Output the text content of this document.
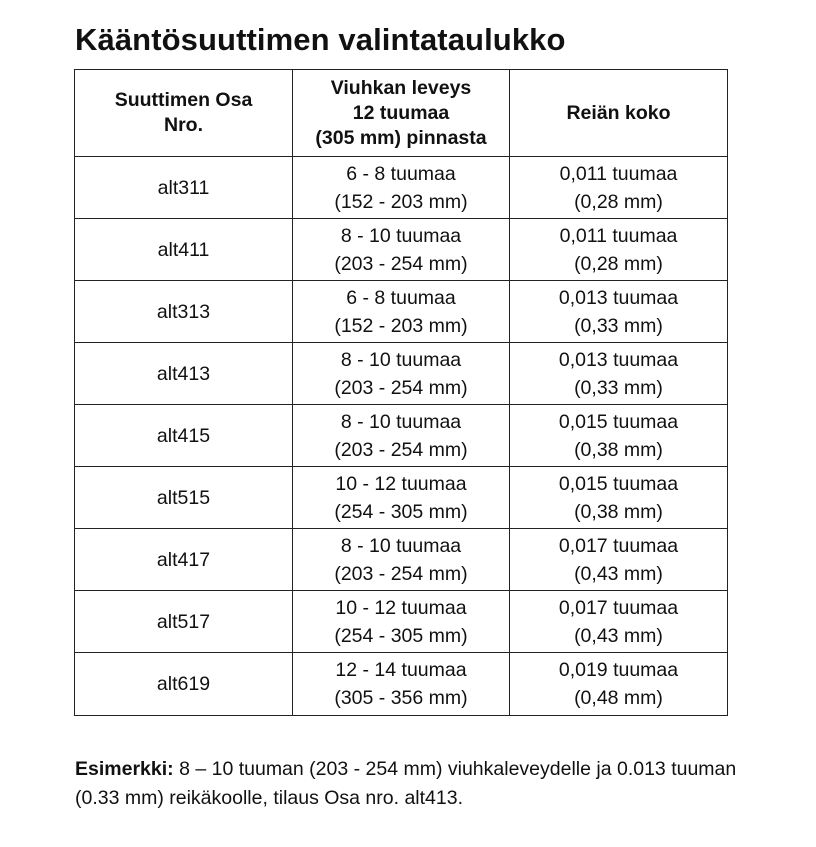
Kääntösuuttimen valintataulukko
Suuttimen Osa
Nro.	Viuhkan leveys
12 tuumaa
(305 mm) pinnasta	Reiän koko

alt311	6 - 8 tuumaa
(152 - 203 mm)	0,011 tuumaa
(0,28 mm)

alt411	8 - 10 tuumaa
(203 - 254 mm)	0,011 tuumaa
(0,28 mm)

alt313	6 - 8 tuumaa
(152 - 203 mm)	0,013 tuumaa
(0,33 mm)

alt413	8 - 10 tuumaa
(203 - 254 mm)	0,013 tuumaa
(0,33 mm)

alt415	8 - 10 tuumaa
(203 - 254 mm)	0,015 tuumaa
(0,38 mm)

alt515	10 - 12 tuumaa
(254 - 305 mm)	0,015 tuumaa
(0,38 mm)

alt417	8 - 10 tuumaa
(203 - 254 mm)	0,017 tuumaa
(0,43 mm)

alt517	10 - 12 tuumaa
(254 - 305 mm)	0,017 tuumaa
(0,43 mm)

alt619	12 - 14 tuumaa
(305 - 356 mm)	0,019 tuumaa
(0,48 mm)
Esimerkki: 8 – 10 tuuman (203 - 254 mm) viuhkaleveydelle ja 0.013 tuuman (0.33 mm) reikäkoolle, tilaus Osa nro. alt413.
